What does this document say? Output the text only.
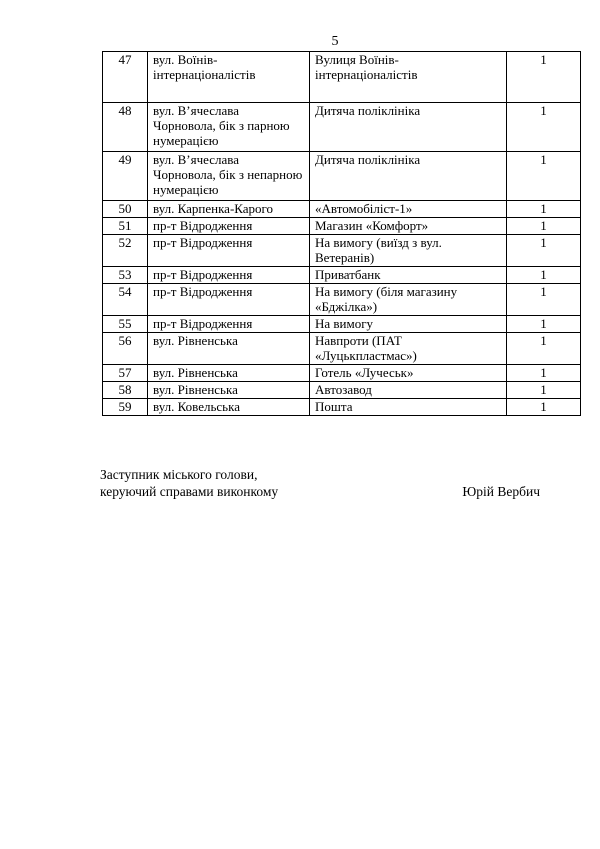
5
47	вул. Воїнів-інтернаціоналістів	Вулиця Воїнів-інтернаціоналістів	1
48	вул. В’ячеслава Чорновола, бік з парною нумерацією	Дитяча поліклініка	1
49	вул. В’ячеслава Чорновола, бік з непарною нумерацією	Дитяча поліклініка	1
50	вул. Карпенка-Карого	«Автомобіліст-1»	1
51	пр-т Відродження	Магазин «Комфорт»	1
52	пр-т Відродження	На вимогу (виїзд з вул. Ветеранів)	1
53	пр-т Відродження	Приватбанк	1
54	пр-т Відродження	На вимогу (біля магазину «Бджілка»)	1
55	пр-т Відродження	На вимогу	1
56	вул. Рівненська	Навпроти (ПАТ «Луцькпластмас»)	1
57	вул. Рівненська	Готель «Лучеськ»	1
58	вул. Рівненська	Автозавод	1
59	вул. Ковельська	Пошта	1
Заступник міського голови,
керуючий справами виконкому	Юрій Вербич
